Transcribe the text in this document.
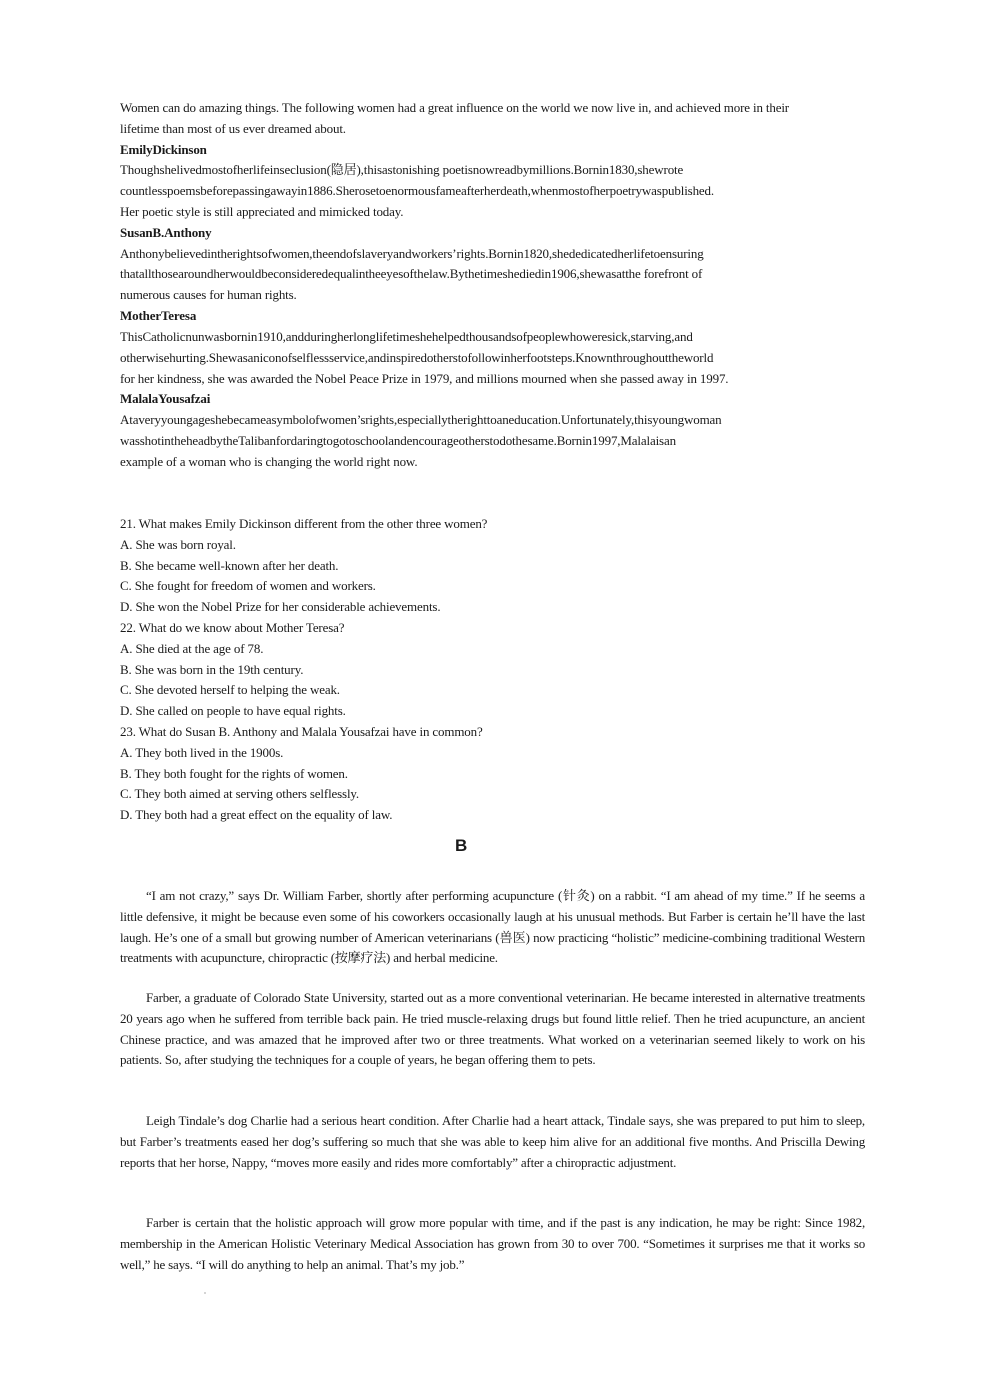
Women can do amazing things. The following women had a great influence on the world we now live in, and achieved more in their
lifetime than most of us ever dreamed about.
EmilyDickinson
Thoughshelivedmostofherlifeinseclusion(隐居),thisastonishing poetisnowreadbymillions.Bornin1830,shewrote
countlesspoemsbeforepassingawayin1886.Sherosetoenormousfameafterherdeath,whenmostofherpoetrywaspublished.
Her poetic style is still appreciated and mimicked today.
SusanB.Anthony
Anthonybelievedintherightsofwomen,theendofslaveryandworkers’rights.Bornin1820,shededicatedherlifetoensuring
thatallthosearoundherwouldbeconsideredequalintheeyesofthelaw.Bythetimeshediedin1906,shewasatthe forefront of
numerous causes for human rights.
MotherTeresa
ThisCatholicnunwasbornin1910,andduringherlonglifetimeshehelpedthousandsofpeoplewhoweresick,starving,and
otherwisehurting.Shewasaniconofselflessservice,andinspiredotherstofollowinherfootsteps.Knownthroughouttheworld
for her kindness, she was awarded the Nobel Peace Prize in 1979, and millions mourned when she passed away in 1997.
MalalaYousafzai
Ataveryyoungageshebecameasymbolofwomen’srights,especiallytherighttoaneducation.Unfortunately,thisyoungwoman
wasshotintheheadbytheTalibanfordaringtogotoschoolandencourageotherstodothesame.Bornin1997,Malalaisan
example of a woman who is changing the world right now.
21. What makes Emily Dickinson different from the other three women?
A. She was born royal.
B. She became well-known after her death.
C. She fought for freedom of women and workers.
D. She won the Nobel Prize for her considerable achievements.
22. What do we know about Mother Teresa?
A. She died at the age of 78.
B. She was born in the 19th century.
C. She devoted herself to helping the weak.
D. She called on people to have equal rights.
23. What do Susan B. Anthony and Malala Yousafzai have in common?
A. They both lived in the 1900s.
B. They both fought for the rights of women.
C. They both aimed at serving others selflessly.
D. They both had a great effect on the equality of law.
B
“I am not crazy,” says Dr. William Farber, shortly after performing acupuncture (针灸) on a rabbit. “I am ahead of my time.” If he seems a little defensive, it might be because even some of his coworkers occasionally laugh at his unusual methods. But Farber is certain he’ll have the last laugh. He’s one of a small but growing number of American veterinarians (兽医) now practicing “holistic” medicine-combining traditional Western treatments with acupuncture, chiropractic (按摩疗法) and herbal medicine.
Farber, a graduate of Colorado State University, started out as a more conventional veterinarian. He became interested in alternative treatments 20 years ago when he suffered from terrible back pain. He tried muscle-relaxing drugs but found little relief. Then he tried acupuncture, an ancient Chinese practice, and was amazed that he improved after two or three treatments. What worked on a veterinarian seemed likely to work on his patients. So, after studying the techniques for a couple of years, he began offering them to pets.
Leigh Tindale’s dog Charlie had a serious heart condition. After Charlie had a heart attack, Tindale says, she was prepared to put him to sleep, but Farber’s treatments eased her dog’s suffering so much that she was able to keep him alive for an additional five months. And Priscilla Dewing reports that her horse, Nappy, “moves more easily and rides more comfortably” after a chiropractic adjustment.
Farber is certain that the holistic approach will grow more popular with time, and if the past is any indication, he may be right: Since 1982, membership in the American Holistic Veterinary Medical Association has grown from 30 to over 700. “Sometimes it surprises me that it works so well,” he says. “I will do anything to help an animal. That’s my job.”
